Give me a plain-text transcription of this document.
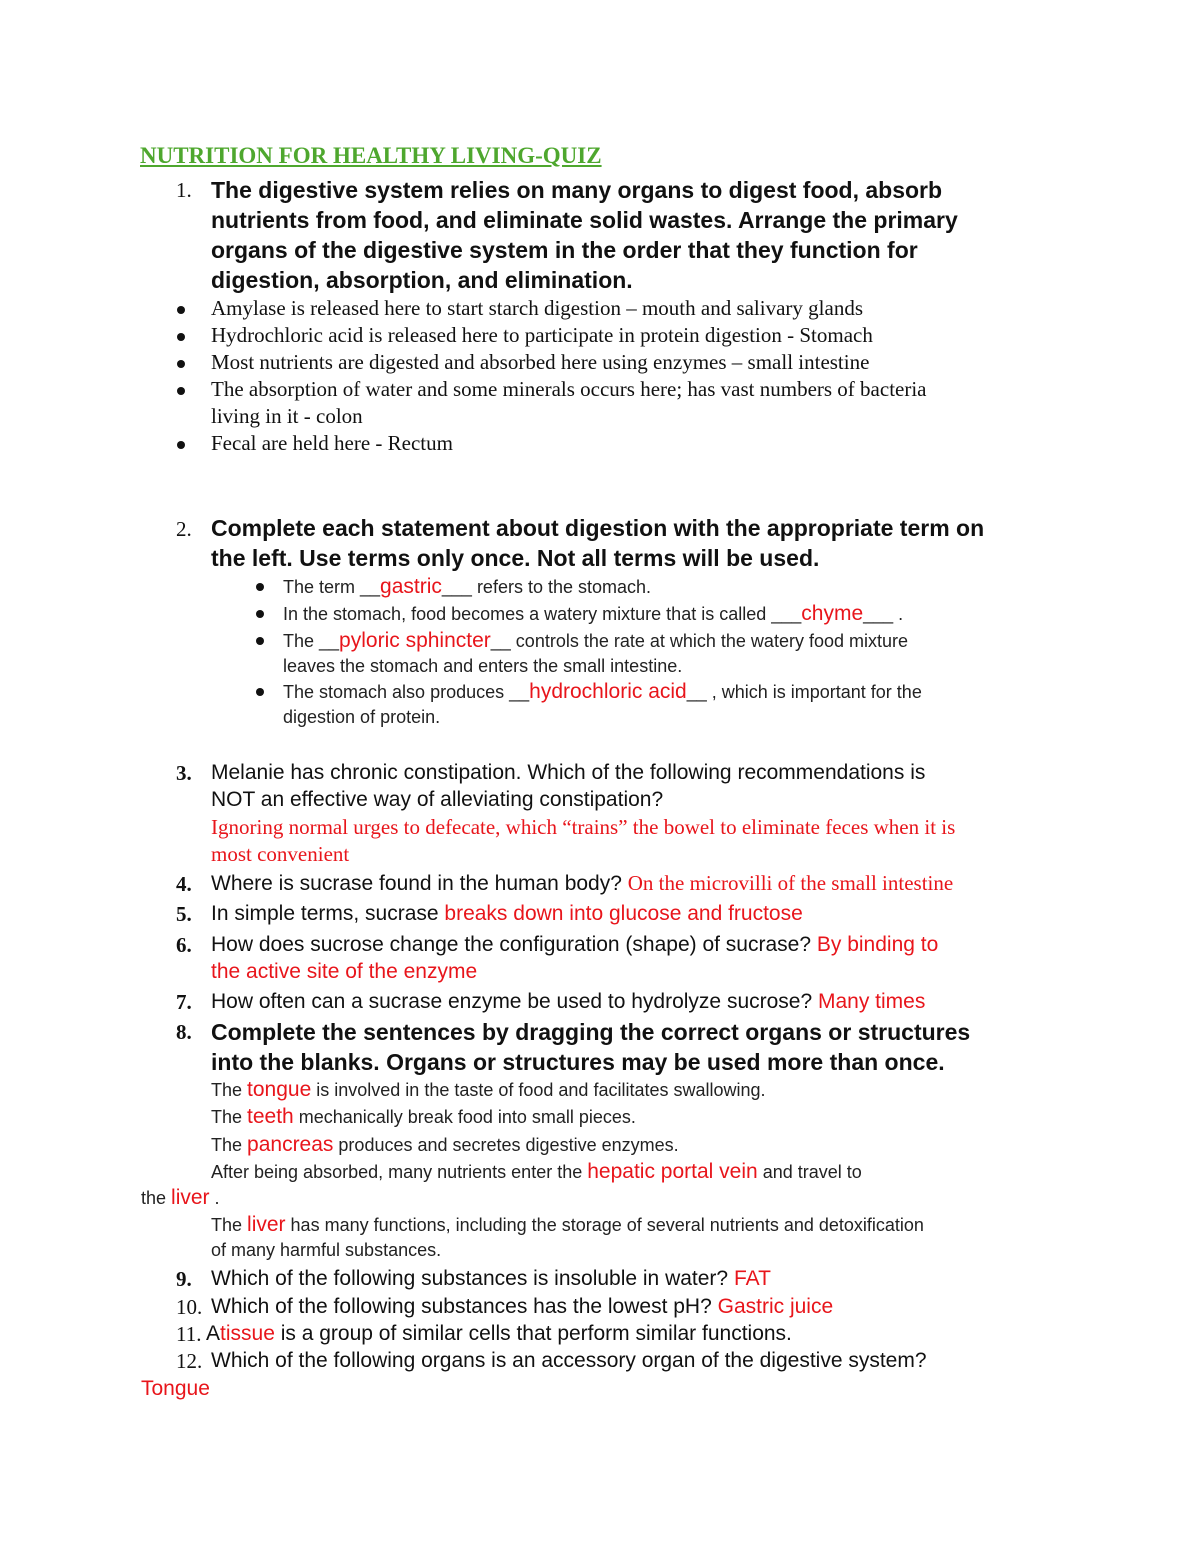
NUTRITION FOR HEALTHY LIVING-QUIZ
1. The digestive system relies on many organs to digest food, absorb
nutrients from food, and eliminate solid wastes. Arrange the primary
organs of the digestive system in the order that they function for
digestion, absorption, and elimination.
Amylase is released here to start starch digestion – mouth and salivary glands
Hydrochloric acid is released here to participate in protein digestion - Stomach
Most nutrients are digested and absorbed here using enzymes – small intestine
The absorption of water and some minerals occurs here; has vast numbers of bacteria
living in it - colon
Fecal are held here - Rectum
2. Complete each statement about digestion with the appropriate term on
the left. Use terms only once. Not all terms will be used.
The term __gastric___ refers to the stomach.
In the stomach, food becomes a watery mixture that is called ___chyme___ .
The __pyloric sphincter__ controls the rate at which the watery food mixture
leaves the stomach and enters the small intestine.
The stomach also produces __hydrochloric acid__ , which is important for the
digestion of protein.
3. Melanie has chronic constipation. Which of the following recommendations is
NOT an effective way of alleviating constipation?
Ignoring normal urges to defecate, which “trains” the bowel to eliminate feces when it is
most convenient
4. Where is sucrase found in the human body? On the microvilli of the small intestine
5. In simple terms, sucrase breaks down into glucose and fructose
6. How does sucrose change the configuration (shape) of sucrase? By binding to
the active site of the enzyme
7. How often can a sucrase enzyme be used to hydrolyze sucrose? Many times
8. Complete the sentences by dragging the correct organs or structures
into the blanks. Organs or structures may be used more than once.
The tongue is involved in the taste of food and facilitates swallowing.
The teeth mechanically break food into small pieces.
The pancreas produces and secretes digestive enzymes.
After being absorbed, many nutrients enter the hepatic portal vein and travel to
the liver .
The liver has many functions, including the storage of several nutrients and detoxification
of many harmful substances.
9. Which of the following substances is insoluble in water? FAT
10. Which of the following substances has the lowest pH? Gastric juice
11. Atissue is a group of similar cells that perform similar functions.
12. Which of the following organs is an accessory organ of the digestive system?
Tongue
